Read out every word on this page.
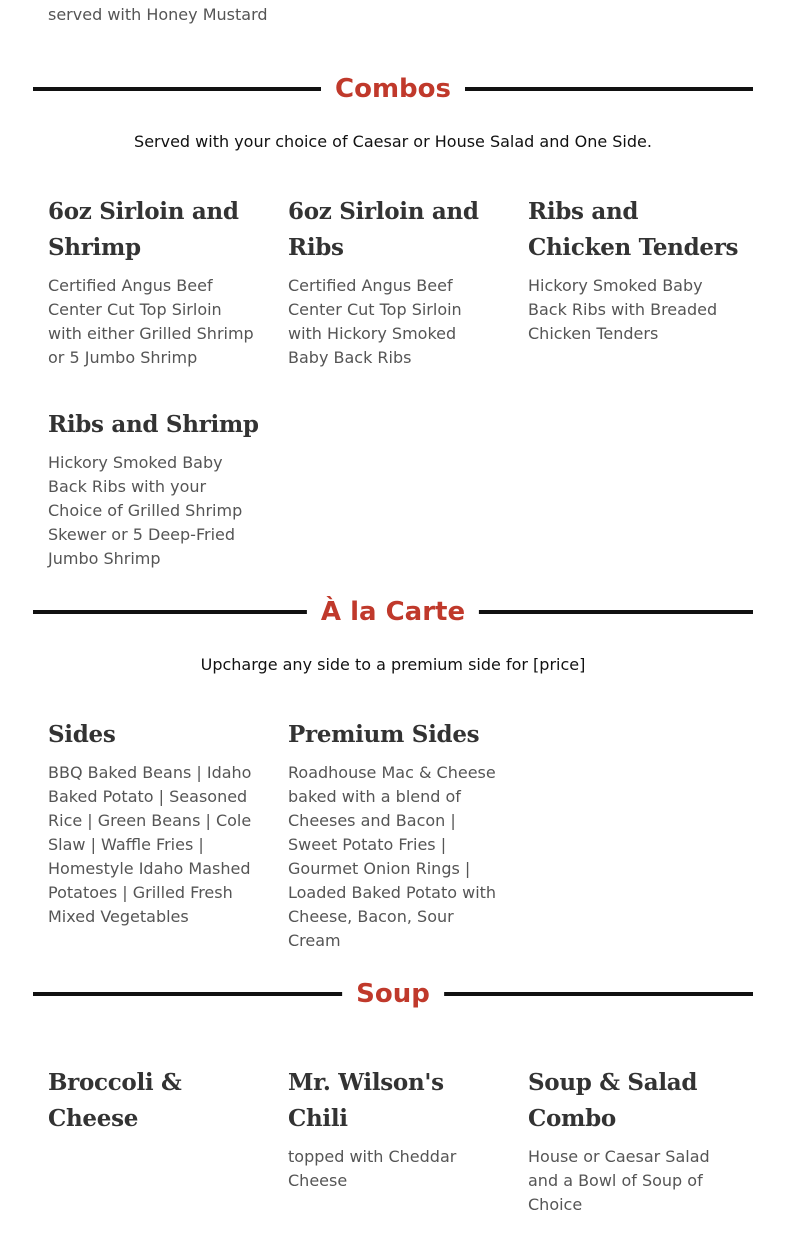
served with Honey Mustard
Combos
Served with your choice of Caesar or House Salad and One Side.
6oz Sirloin and Shrimp

Certified Angus Beef Center Cut Top Sirloin with either Grilled Shrimp or 5 Jumbo Shrimp

6oz Sirloin and Ribs

Certified Angus Beef Center Cut Top Sirloin with Hickory Smoked Baby Back Ribs

Ribs and Chicken Tenders

Hickory Smoked Baby Back Ribs with Breaded Chicken Tenders

Ribs and Shrimp

Hickory Smoked Baby Back Ribs with your Choice of Grilled Shrimp Skewer or 5 Deep-Fried Jumbo Shrimp

À la Carte
Upcharge any side to a premium side for [price]
Sides

BBQ Baked Beans | Idaho Baked Potato | Seasoned Rice | Green Beans | Cole Slaw | Waffle Fries | Homestyle Idaho Mashed Potatoes | Grilled Fresh Mixed Vegetables

Premium Sides

Roadhouse Mac & Cheese baked with a blend of Cheeses and Bacon | Sweet Potato Fries | Gourmet Onion Rings | Loaded Baked Potato with Cheese, Bacon, Sour Cream

Soup
Broccoli & Cheese

Mr. Wilson's Chili

topped with Cheddar Cheese

Soup & Salad Combo

House or Caesar Salad and a Bowl of Soup of Choice
